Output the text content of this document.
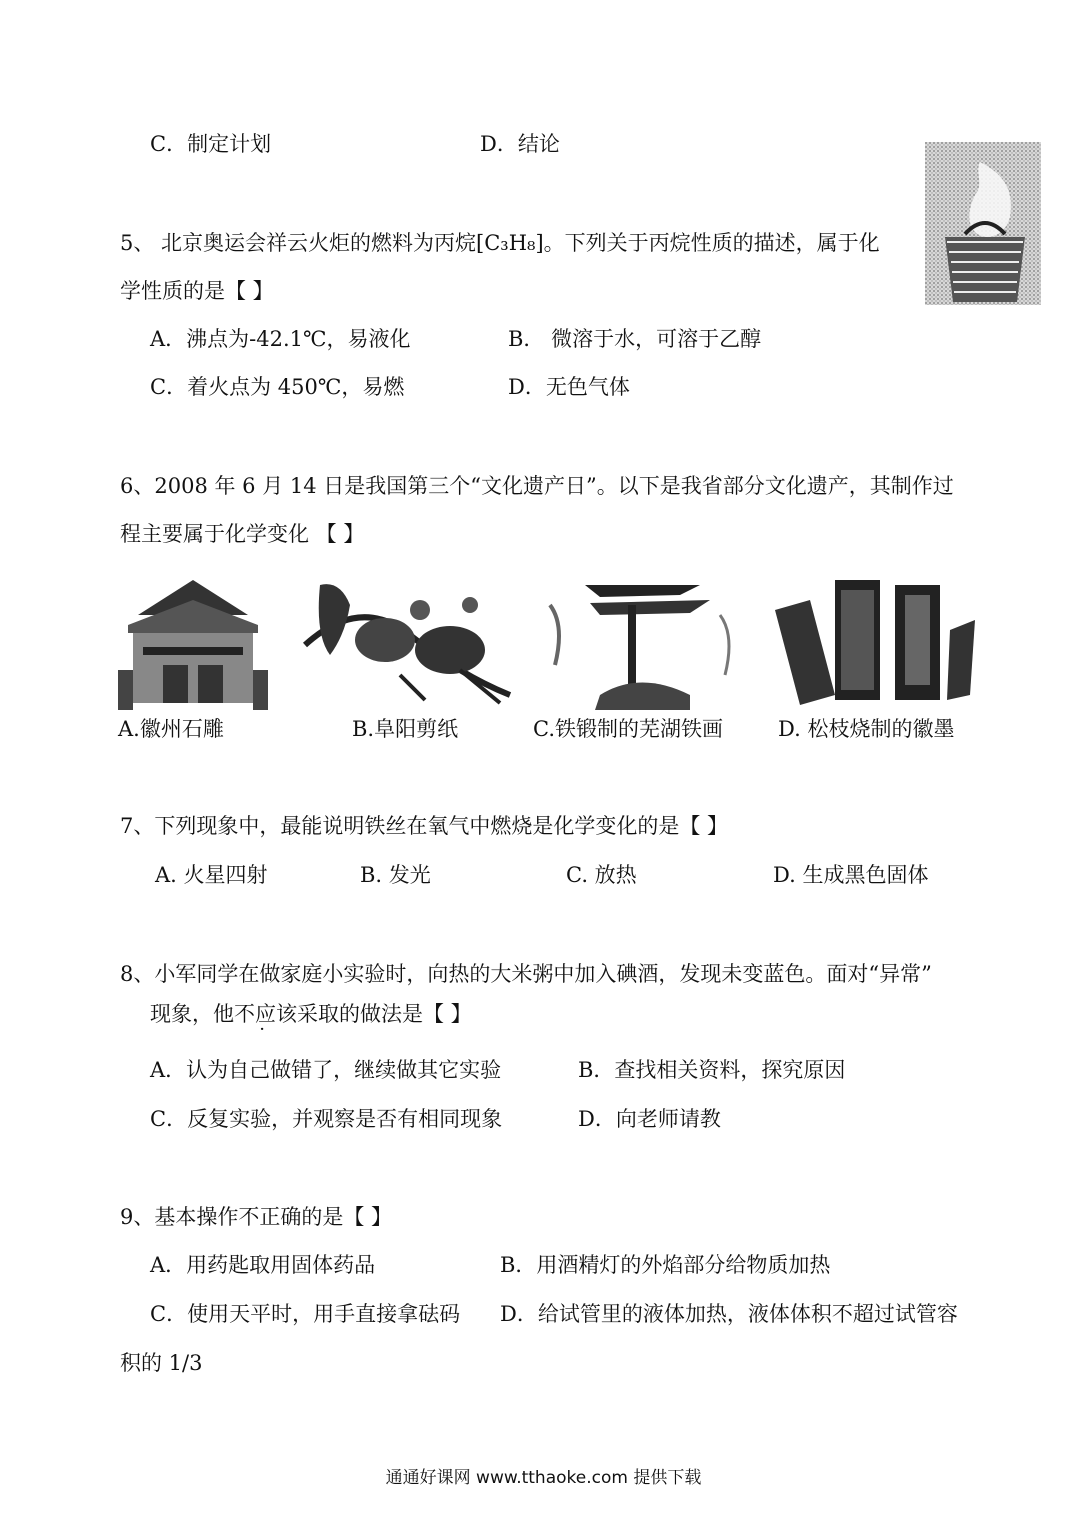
C．制定计划	D．结论
5、 北京奥运会祥云火炬的燃料为丙烷[C₃H₈]。下列关于丙烷性质的描述，属于化
学性质的是【 】
A．沸点为-42.1℃，易液化	B． 微溶于水，可溶于乙醇
C．着火点为 450℃，易燃	D．无色气体
6、2008 年 6 月 14 日是我国第三个“文化遗产日”。以下是我省部分文化遗产，其制作过
程主要属于化学变化 【 】
A.徽州石雕	B.阜阳剪纸	C.铁锻制的芜湖铁画	D. 松枝烧制的徽墨
7、下列现象中，最能说明铁丝在氧气中燃烧是化学变化的是【 】
A. 火星四射	B. 发光	C. 放热	D. 生成黑色固体
8、小军同学在做家庭小实验时，向热的大米粥中加入碘酒，发现未变蓝色。面对“异常”
现象，他不应该采取的做法是【 】
A．认为自己做错了，继续做其它实验	B．查找相关资料，探究原因
C．反复实验，并观察是否有相同现象	D．向老师请教
9、基本操作不正确的是【 】
A．用药匙取用固体药品	B．用酒精灯的外焰部分给物质加热
C．使用天平时，用手直接拿砝码 D．给试管里的液体加热，液体体积不超过试管容
积的 1/3
通通好课网 www.tthaoke.com 提供下载
